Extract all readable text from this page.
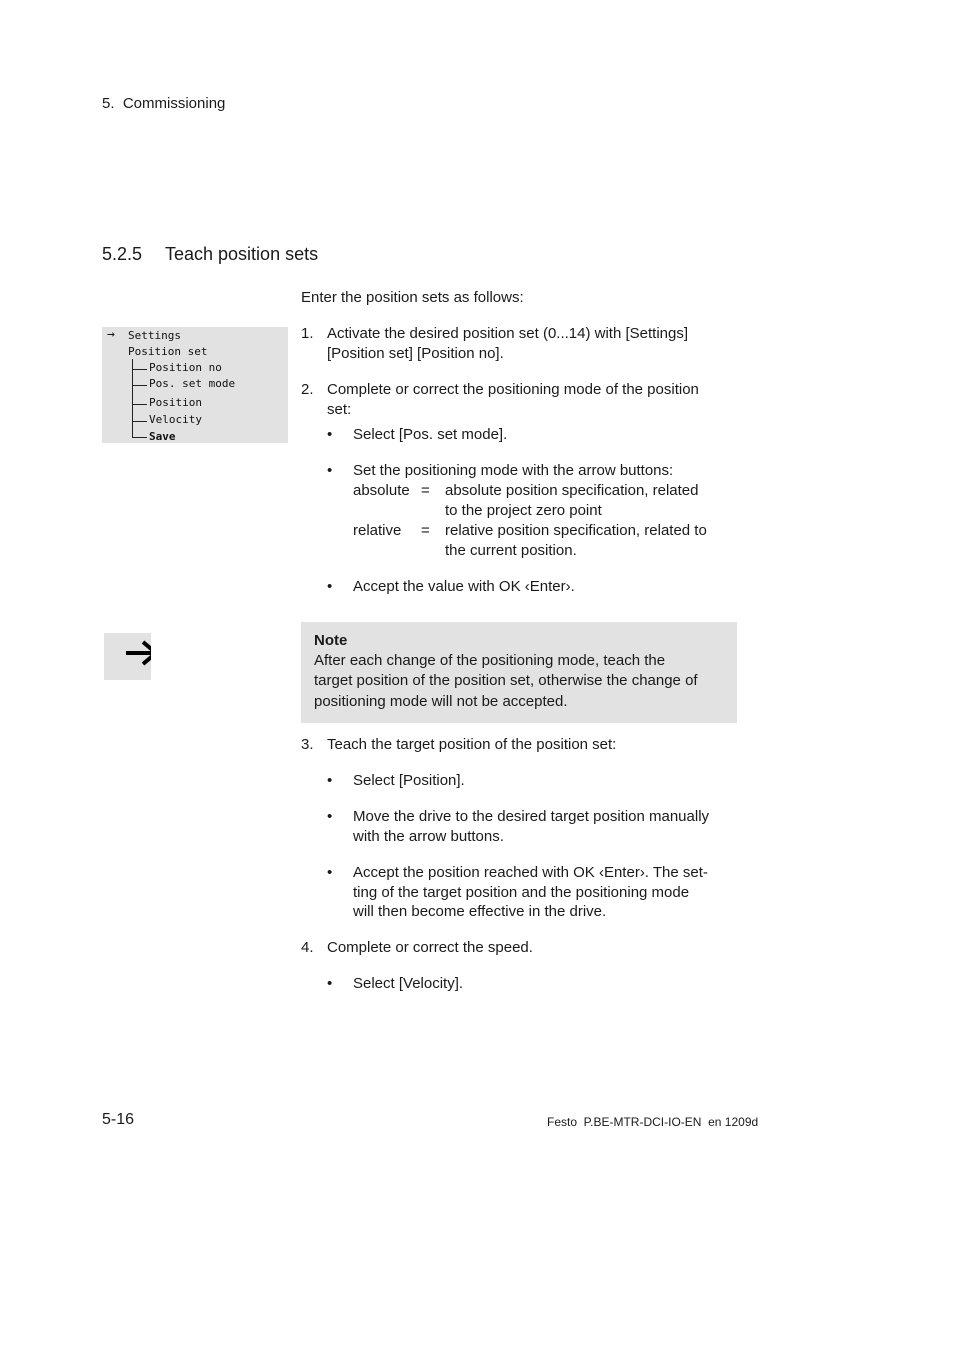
5.  Commissioning
5.2.5 Teach position sets
Enter the position sets as follows:
→ Settings
Position set
Position no
Pos. set mode
Position
Velocity
Save
1. Activate the desired position set (0...14) with [Settings]
[Position set] [Position no].
2. Complete or correct the positioning mode of the position
set:
• Select [Pos. set mode].
• Set the positioning mode with the arrow buttons:
absolute = absolute position specification, related
to the project zero point
relative = relative position specification, related to
the current position.
• Accept the value with OK ‹Enter›.
Note
After each change of the positioning mode, teach the
target position of the position set, otherwise the change of
positioning mode will not be accepted.
3. Teach the target position of the position set:
• Select [Position].
• Move the drive to the desired target position manually
with the arrow buttons.
• Accept the position reached with OK ‹Enter›. The set-
ting of the target position and the positioning mode
will then become effective in the drive.
4. Complete or correct the speed.
• Select [Velocity].
5-16	Festo  P.BE-MTR-DCI-IO-EN  en 1209d
